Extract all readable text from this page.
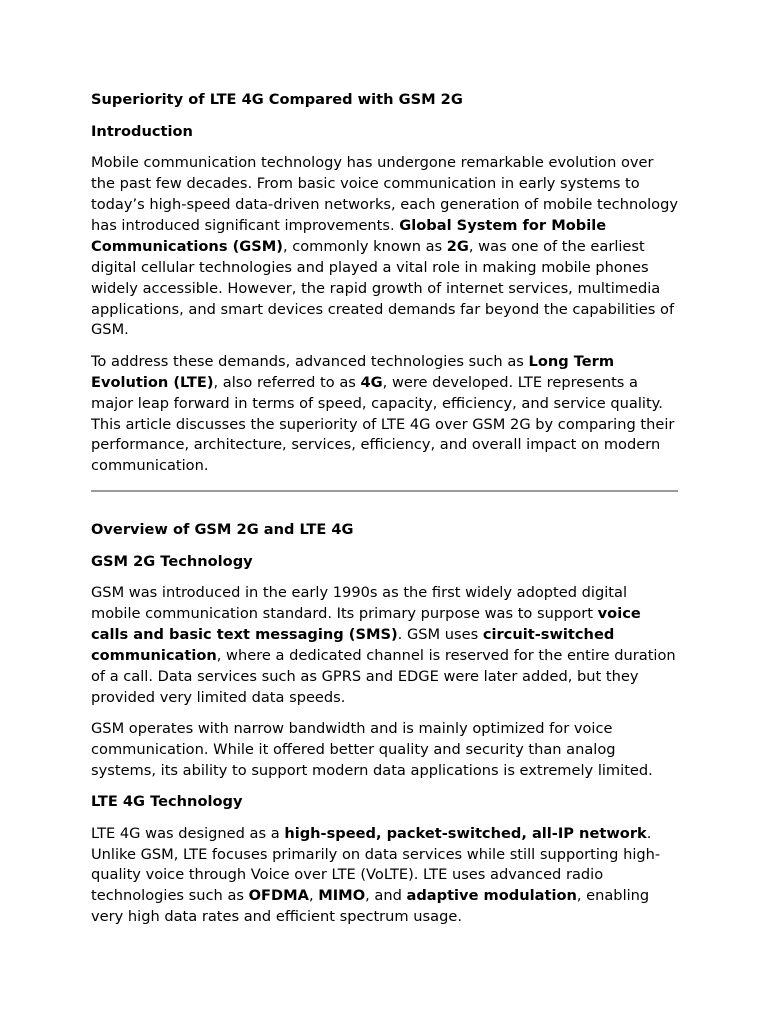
Superiority of LTE 4G Compared with GSM 2G

Introduction

Mobile communication technology has undergone remarkable evolution over the past few decades. From basic voice communication in early systems to today’s high-speed data-driven networks, each generation of mobile technology has introduced significant improvements. Global System for Mobile Communications (GSM), commonly known as 2G, was one of the earliest digital cellular technologies and played a vital role in making mobile phones widely accessible. However, the rapid growth of internet services, multimedia applications, and smart devices created demands far beyond the capabilities of GSM.

To address these demands, advanced technologies such as Long Term Evolution (LTE), also referred to as 4G, were developed. LTE represents a major leap forward in terms of speed, capacity, efficiency, and service quality. This article discusses the superiority of LTE 4G over GSM 2G by comparing their performance, architecture, services, efficiency, and overall impact on modern communication.

Overview of GSM 2G and LTE 4G

GSM 2G Technology

GSM was introduced in the early 1990s as the first widely adopted digital mobile communication standard. Its primary purpose was to support voice calls and basic text messaging (SMS). GSM uses circuit-switched communication, where a dedicated channel is reserved for the entire duration of a call. Data services such as GPRS and EDGE were later added, but they provided very limited data speeds.

GSM operates with narrow bandwidth and is mainly optimized for voice communication. While it offered better quality and security than analog systems, its ability to support modern data applications is extremely limited.

LTE 4G Technology

LTE 4G was designed as a high-speed, packet-switched, all-IP network. Unlike GSM, LTE focuses primarily on data services while still supporting high-quality voice through Voice over LTE (VoLTE). LTE uses advanced radio technologies such as OFDMA, MIMO, and adaptive modulation, enabling very high data rates and efficient spectrum usage.
